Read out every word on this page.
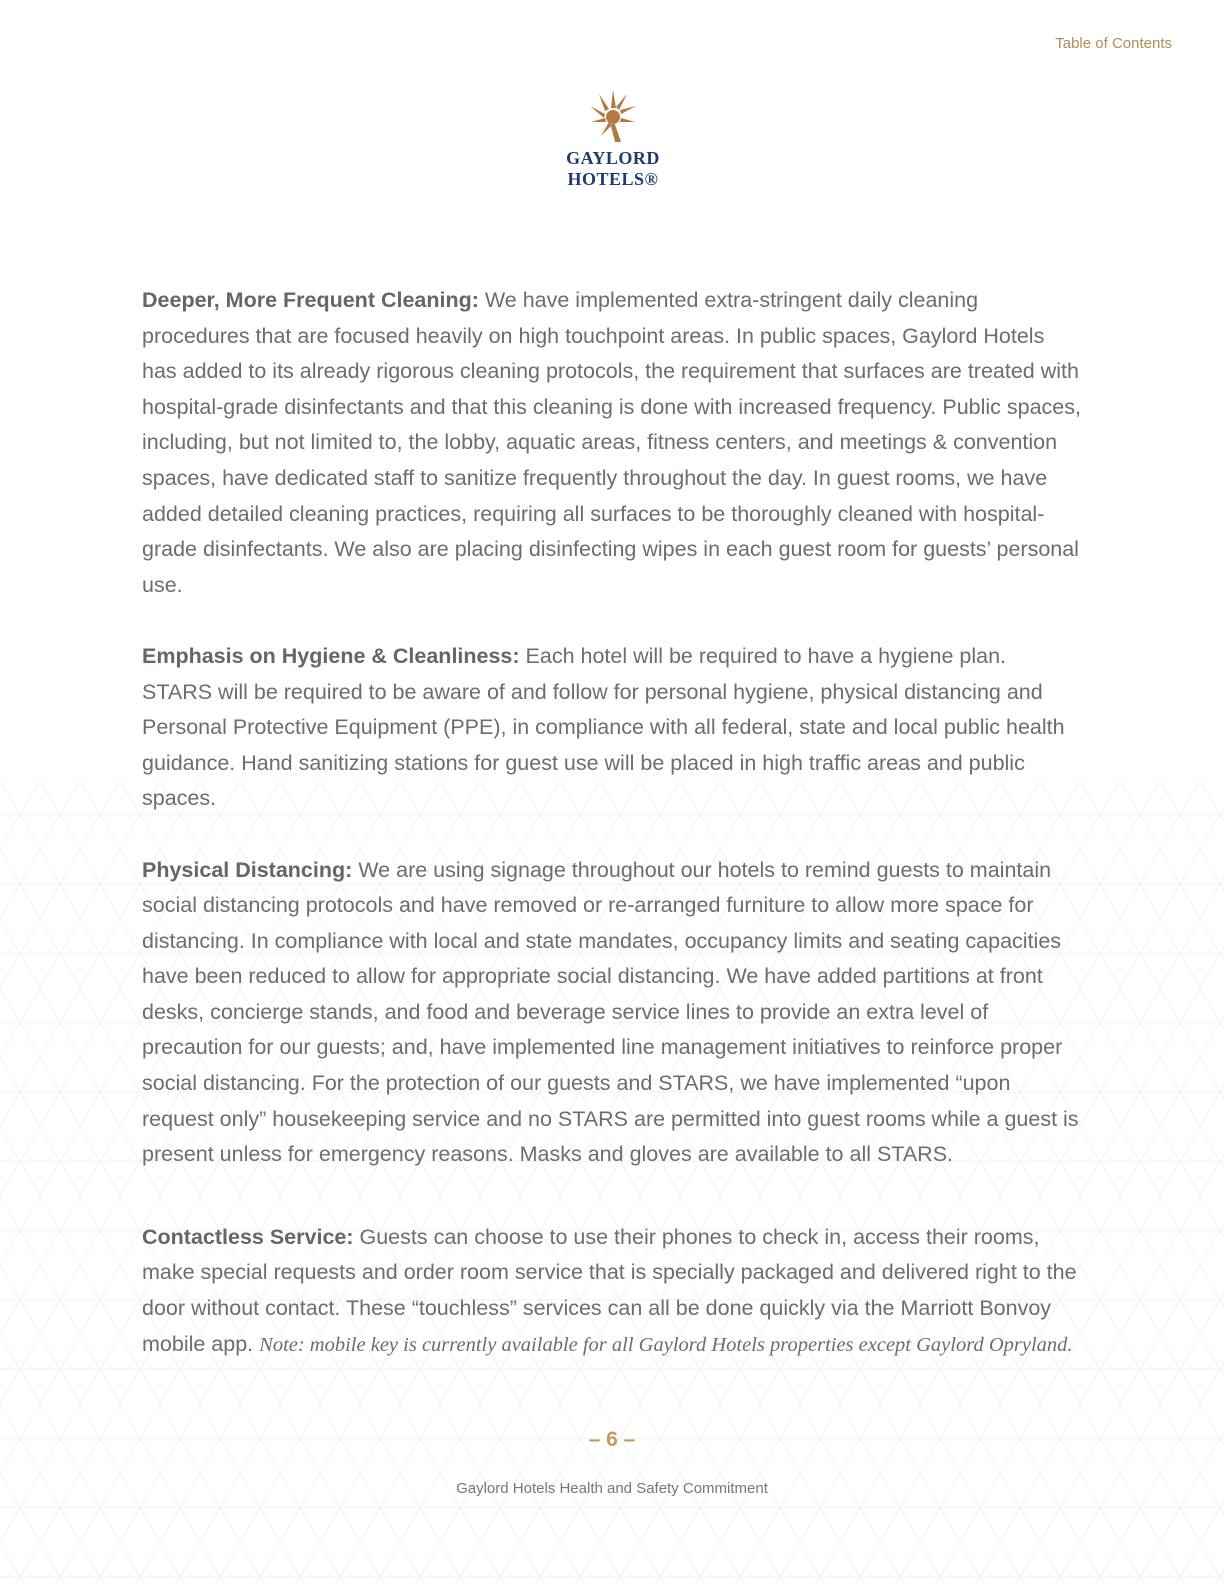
Table of Contents
GAYLORD
HOTELS®

Deeper, More Frequent Cleaning: We have implemented extra-stringent daily cleaning procedures that are focused heavily on high touchpoint areas. In public spaces, Gaylord Hotels has added to its already rigorous cleaning protocols, the requirement that surfaces are treated with hospital-grade disinfectants and that this cleaning is done with increased frequency. Public spaces, including, but not limited to, the lobby, aquatic areas, fitness centers, and meetings & convention spaces, have dedicated staff to sanitize frequently throughout the day. In guest rooms, we have added detailed cleaning practices, requiring all surfaces to be thoroughly cleaned with hospital-grade disinfectants. We also are placing disinfecting wipes in each guest room for guests’ personal use.

Emphasis on Hygiene & Cleanliness: Each hotel will be required to have a hygiene plan. STARS will be required to be aware of and follow for personal hygiene, physical distancing and Personal Protective Equipment (PPE), in compliance with all federal, state and local public health guidance. Hand sanitizing stations for guest use will be placed in high traffic areas and public spaces.

Physical Distancing: We are using signage throughout our hotels to remind guests to maintain social distancing protocols and have removed or re-arranged furniture to allow more space for distancing. In compliance with local and state mandates, occupancy limits and seating capacities have been reduced to allow for appropriate social distancing. We have added partitions at front desks, concierge stands, and food and beverage service lines to provide an extra level of precaution for our guests; and, have implemented line management initiatives to reinforce proper social distancing. For the protection of our guests and STARS, we have implemented “upon request only” housekeeping service and no STARS are permitted into guest rooms while a guest is present unless for emergency reasons. Masks and gloves are available to all STARS.

Contactless Service: Guests can choose to use their phones to check in, access their rooms, make special requests and order room service that is specially packaged and delivered right to the door without contact. These “touchless” services can all be done quickly via the Marriott Bonvoy mobile app. Note: mobile key is currently available for all Gaylord Hotels properties except Gaylord Opryland.

– 6 –
Gaylord Hotels Health and Safety Commitment
